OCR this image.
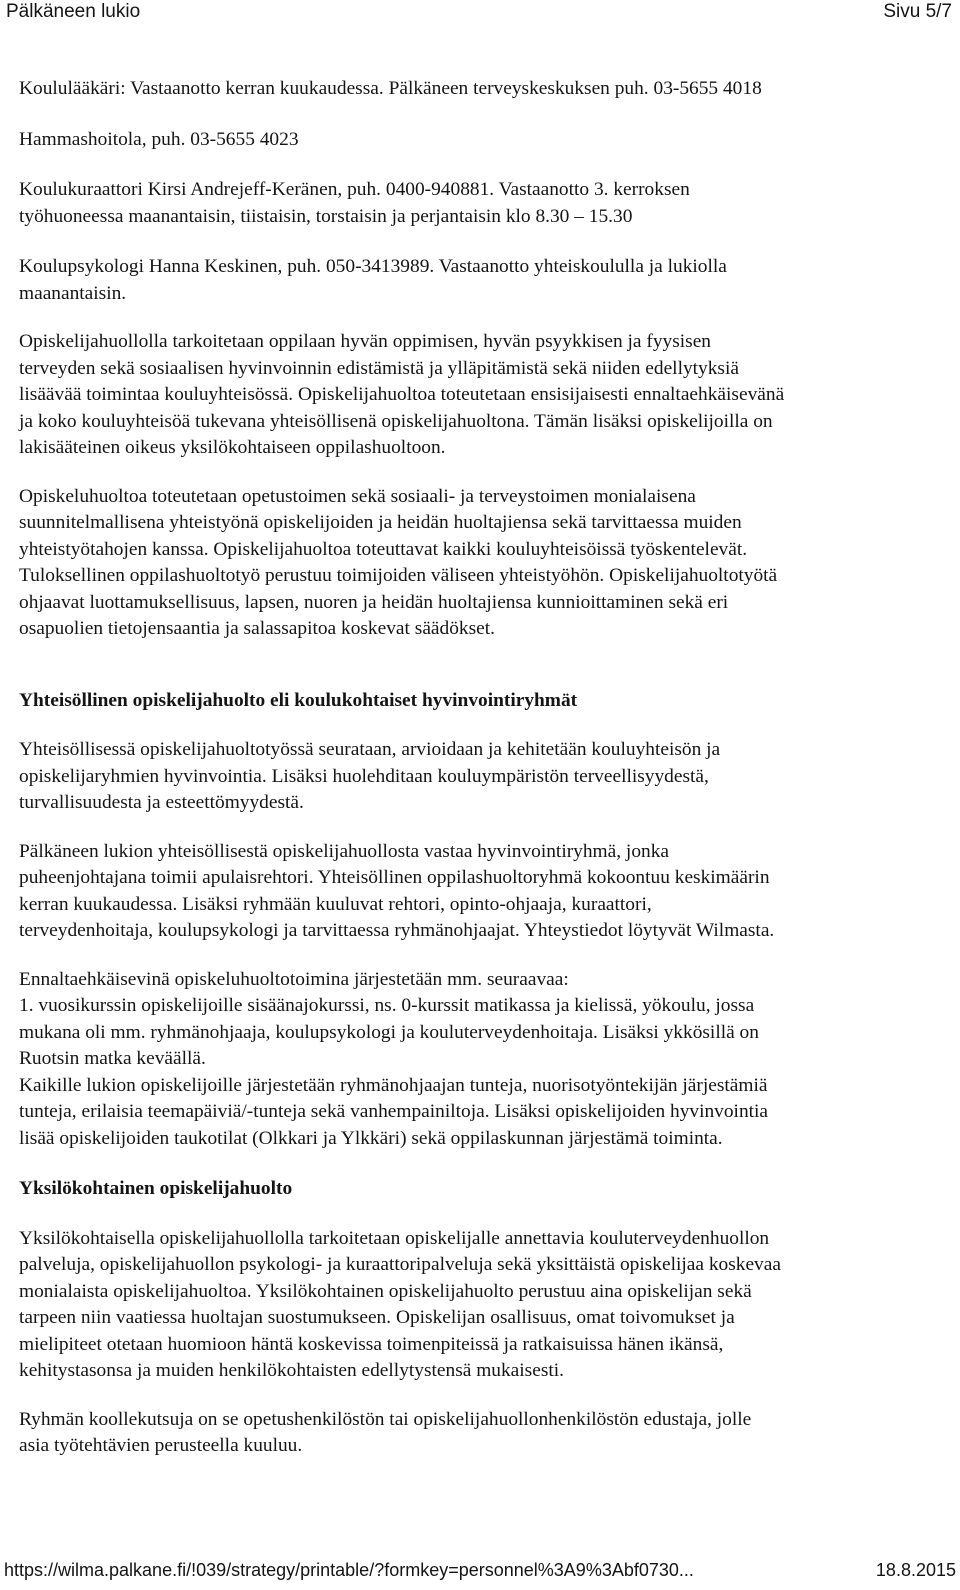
Pälkäneen lukio	Sivu 5/7

Koululääkäri: Vastaanotto kerran kuukaudessa. Pälkäneen terveyskeskuksen puh. 03-5655 4018

Hammashoitola, puh. 03-5655 4023

Koulukuraattori Kirsi Andrejeff-Keränen, puh. 0400-940881. Vastaanotto 3. kerroksen
työhuoneessa maanantaisin, tiistaisin, torstaisin ja perjantaisin klo 8.30 – 15.30

Koulupsykologi Hanna Keskinen, puh. 050-3413989. Vastaanotto yhteiskoululla ja lukiolla
maanantaisin.

Opiskelijahuollolla tarkoitetaan oppilaan hyvän oppimisen, hyvän psyykkisen ja fyysisen
terveyden sekä sosiaalisen hyvinvoinnin edistämistä ja ylläpitämistä sekä niiden edellytyksiä
lisäävää toimintaa kouluyhteisössä. Opiskelijahuoltoa toteutetaan ensisijaisesti ennaltaehkäisevänä
ja koko kouluyhteisöä tukevana yhteisöllisenä opiskelijahuoltona. Tämän lisäksi opiskelijoilla on
lakisääteinen oikeus yksilökohtaiseen oppilashuoltoon.

Opiskeluhuoltoa toteutetaan opetustoimen sekä sosiaali- ja terveystoimen monialaisena
suunnitelmallisena yhteistyönä opiskelijoiden ja heidän huoltajiensa sekä tarvittaessa muiden
yhteistyötahojen kanssa. Opiskelijahuoltoa toteuttavat kaikki kouluyhteisöissä työskentelevät.
Tuloksellinen oppilashuoltotyö perustuu toimijoiden väliseen yhteistyöhön. Opiskelijahuoltotyötä
ohjaavat luottamuksellisuus, lapsen, nuoren ja heidän huoltajiensa kunnioittaminen sekä eri
osapuolien tietojensaantia ja salassapitoa koskevat säädökset.

Yhteisöllinen opiskelijahuolto eli koulukohtaiset hyvinvointiryhmät

Yhteisöllisessä opiskelijahuoltotyössä seurataan, arvioidaan ja kehitetään kouluyhteisön ja
opiskelijaryhmien hyvinvointia. Lisäksi huolehditaan kouluympäristön terveellisyydestä,
turvallisuudesta ja esteettömyydestä.

Pälkäneen lukion yhteisöllisestä opiskelijahuollosta vastaa hyvinvointiryhmä, jonka
puheenjohtajana toimii apulaisrehtori. Yhteisöllinen oppilashuoltoryhmä kokoontuu keskimäärin
kerran kuukaudessa. Lisäksi ryhmään kuuluvat rehtori, opinto-ohjaaja, kuraattori,
terveydenhoitaja, koulupsykologi ja tarvittaessa ryhmänohjaajat. Yhteystiedot löytyvät Wilmasta.

Ennaltaehkäisevinä opiskeluhuoltotoimina järjestetään mm. seuraavaa:
1. vuosikurssin opiskelijoille sisäänajokurssi, ns. 0-kurssit matikassa ja kielissä, yökoulu, jossa
mukana oli mm. ryhmänohjaaja, koulupsykologi ja kouluterveydenhoitaja. Lisäksi ykkösillä on
Ruotsin matka keväällä.
Kaikille lukion opiskelijoille järjestetään ryhmänohjaajan tunteja, nuorisotyöntekijän järjestämiä
tunteja, erilaisia teemapäiviä/-tunteja sekä vanhempainiltoja. Lisäksi opiskelijoiden hyvinvointia
lisää opiskelijoiden taukotilat (Olkkari ja Ylkkäri) sekä oppilaskunnan järjestämä toiminta.

Yksilökohtainen opiskelijahuolto

Yksilökohtaisella opiskelijahuollolla tarkoitetaan opiskelijalle annettavia kouluterveydenhuollon
palveluja, opiskelijahuollon psykologi- ja kuraattoripalveluja sekä yksittäistä opiskelijaa koskevaa
monialaista opiskelijahuoltoa. Yksilökohtainen opiskelijahuolto perustuu aina opiskelijan sekä
tarpeen niin vaatiessa huoltajan suostumukseen. Opiskelijan osallisuus, omat toivomukset ja
mielipiteet otetaan huomioon häntä koskevissa toimenpiteissä ja ratkaisuissa hänen ikänsä,
kehitystasonsa ja muiden henkilökohtaisten edellytystensä mukaisesti.

Ryhmän koollekutsuja on se opetushenkilöstön tai opiskelijahuollonhenkilöstön edustaja, jolle
asia työtehtävien perusteella kuuluu.

https://wilma.palkane.fi/!039/strategy/printable/?formkey=personnel%3A9%3Abf0730...	18.8.2015
